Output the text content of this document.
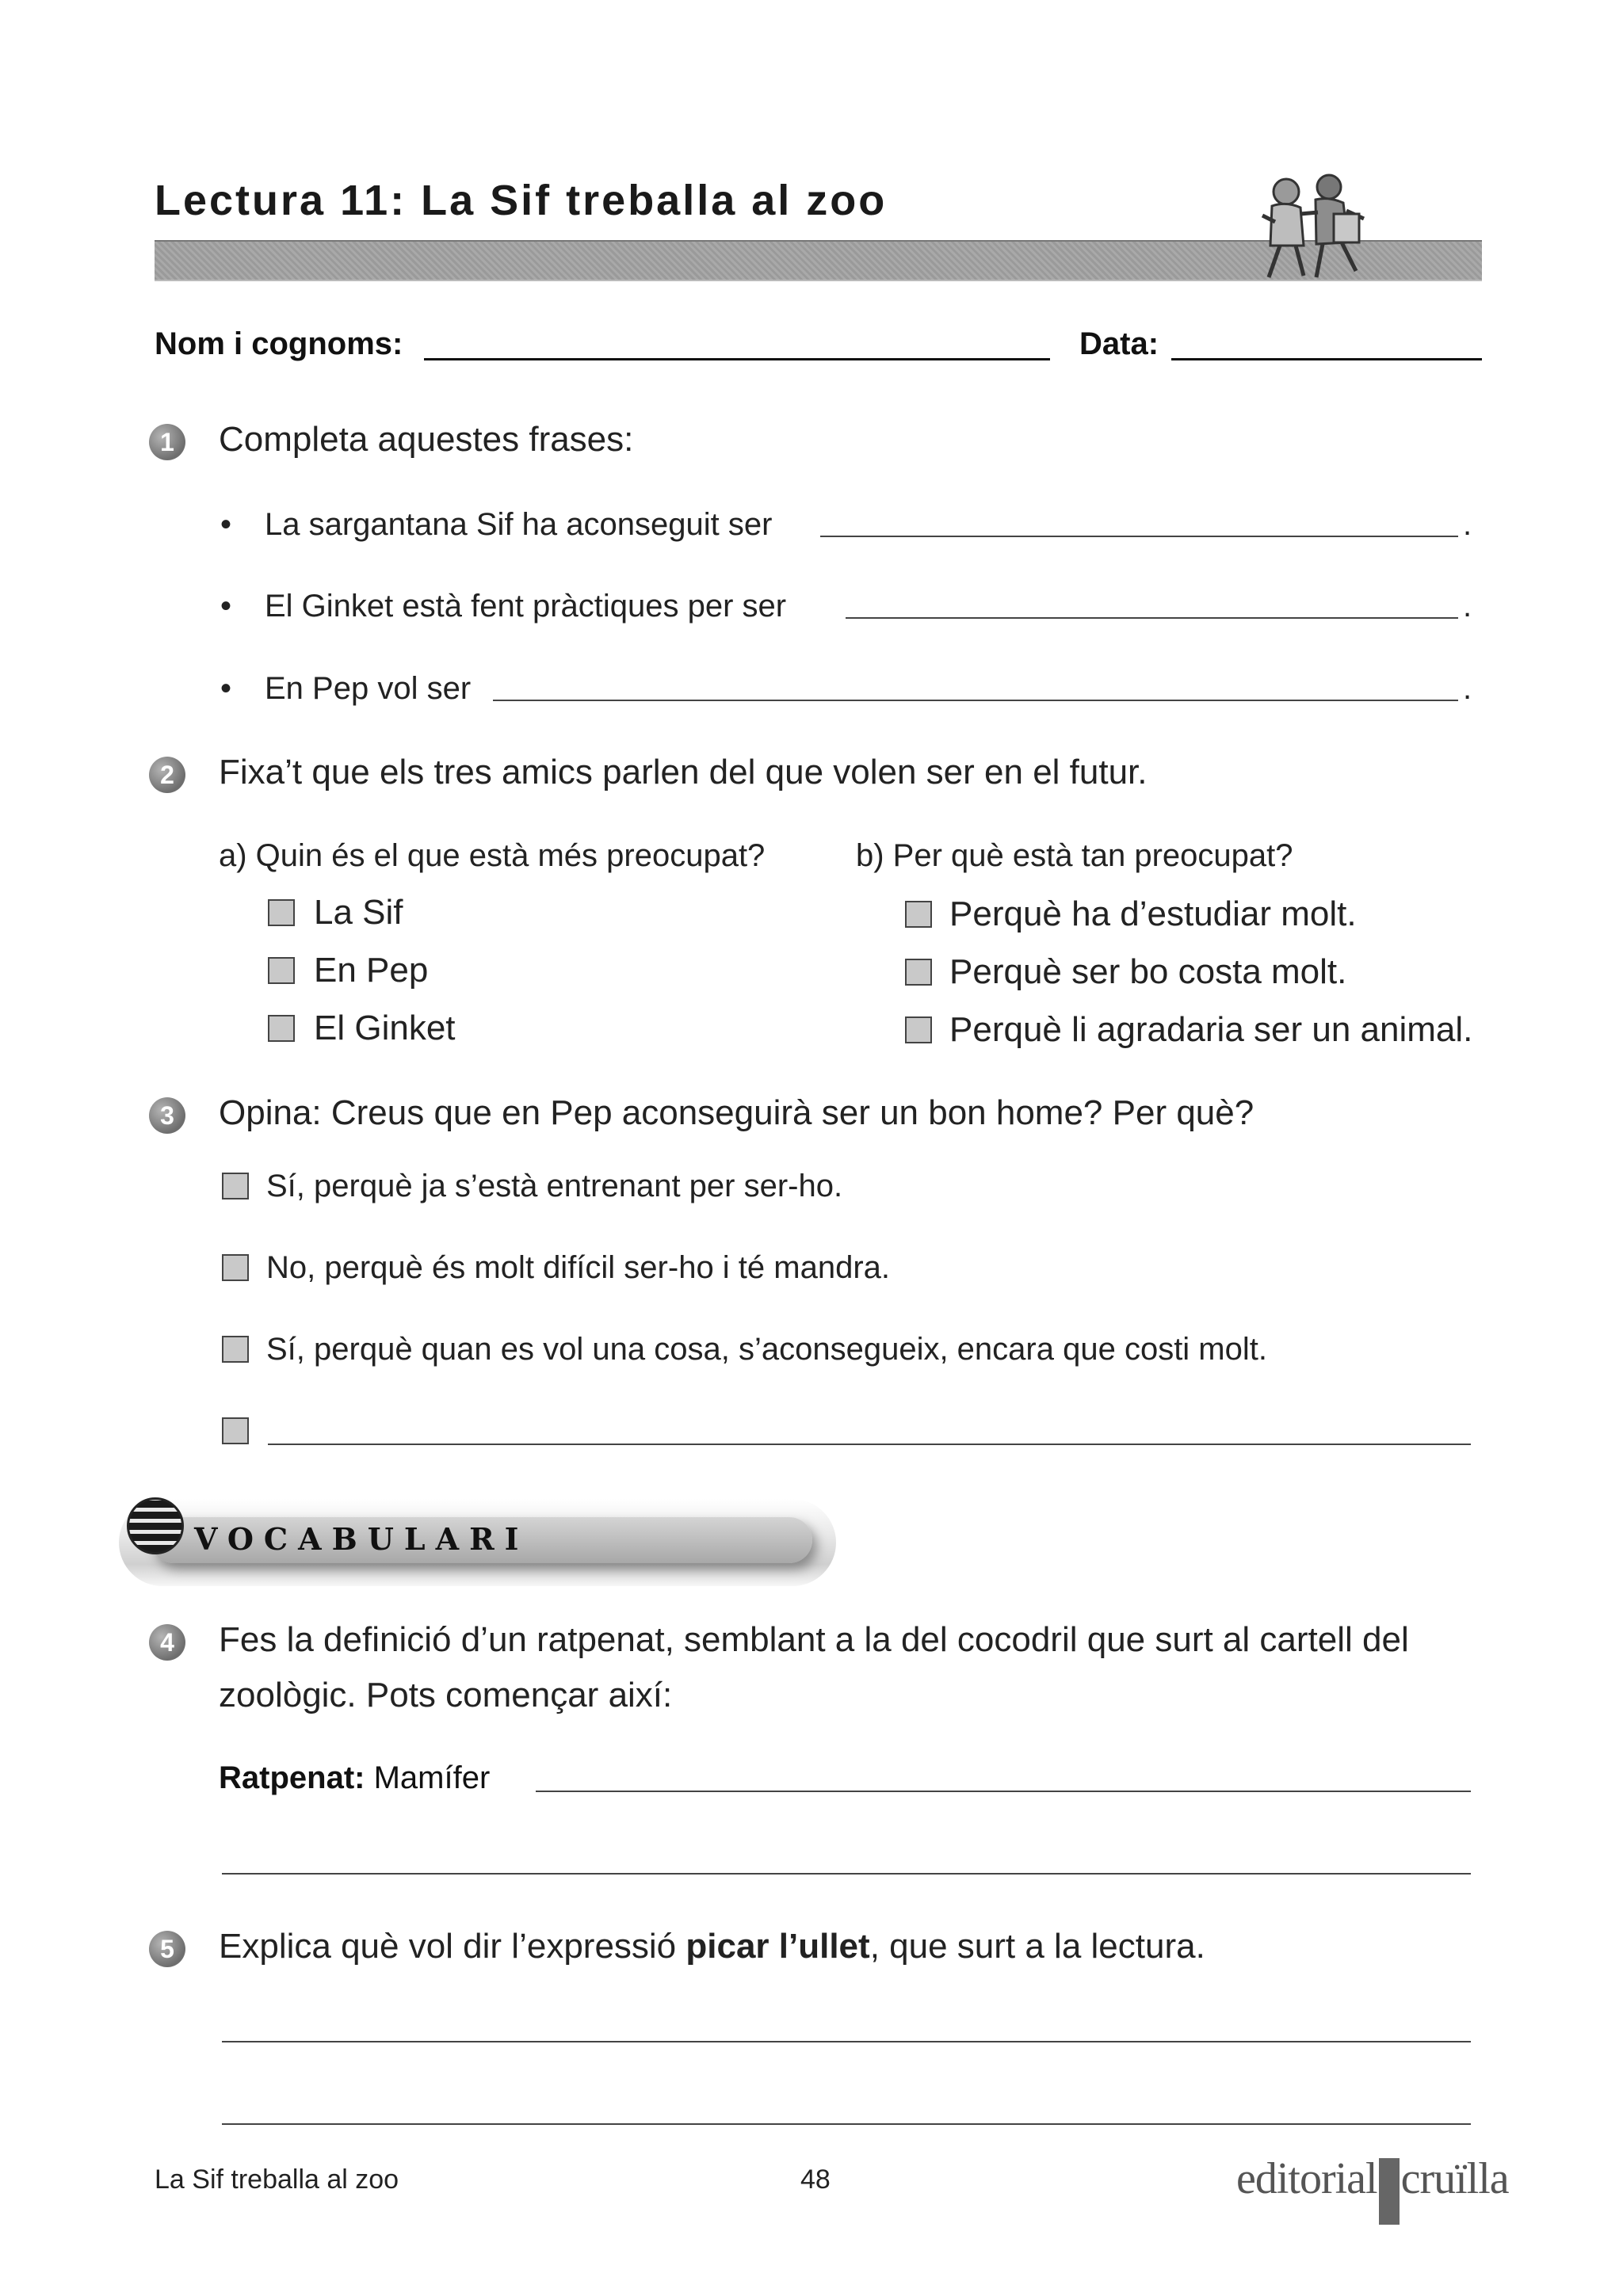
Lectura 11: La Sif treballa al zoo
Nom i cognoms:	Data:
1	Completa aquestes frases:
• La sargantana Sif ha aconseguit ser	.
• El Ginket està fent pràctiques per ser	.
• En Pep vol ser	.
2	Fixa’t que els tres amics parlen del que volen ser en el futur.
a) Quin és el que està més preocupat?	b) Per què està tan preocupat?
La Sif
En Pep
El Ginket
Perquè ha d’estudiar molt.
Perquè ser bo costa molt.
Perquè li agradaria ser un animal.
3	Opina: Creus que en Pep aconseguirà ser un bon home? Per què?
Sí, perquè ja s’està entrenant per ser-ho.
No, perquè és molt difícil ser-ho i té mandra.
Sí, perquè quan es vol una cosa, s’aconsegueix, encara que costi molt.
VOCABULARI
4	Fes la definició d’un ratpenat, semblant a la del cocodril que surt al cartell del
zoològic. Pots començar així:
Ratpenat: Mamífer
5	Explica què vol dir l’expressió picar l’ullet, que surt a la lectura.
La Sif treballa al zoo	48	editorial cruïlla
